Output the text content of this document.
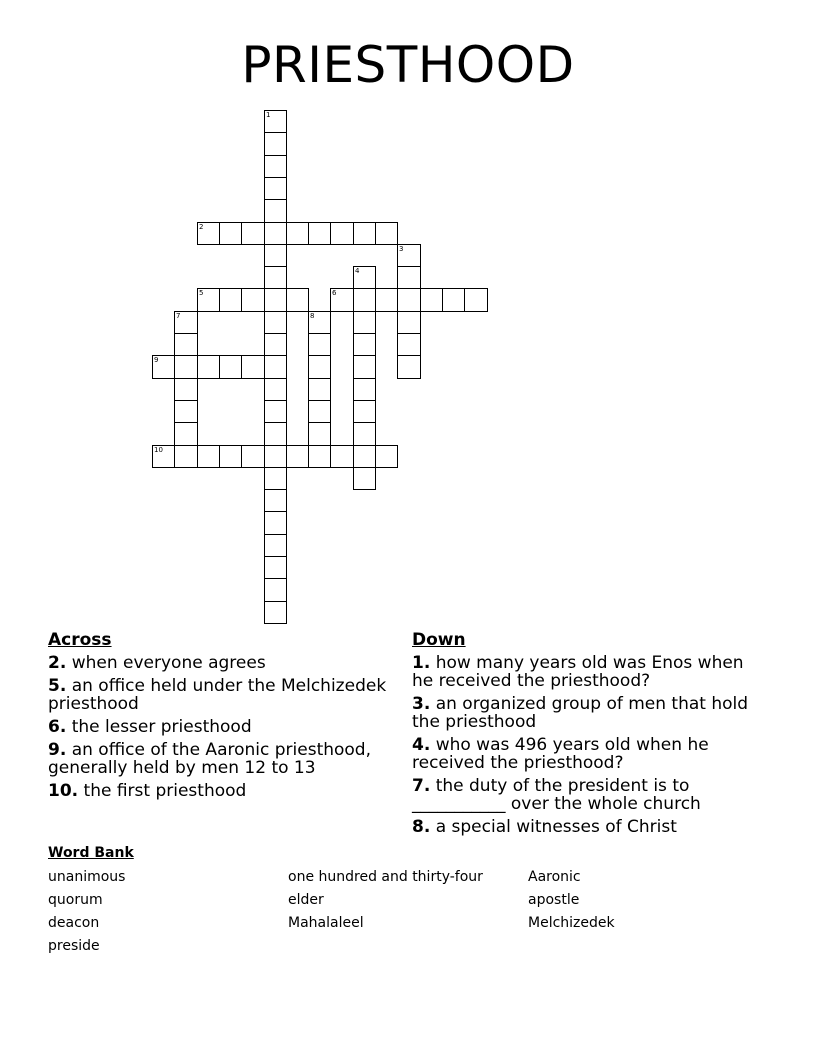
PRIESTHOOD
1
2
3
4
5	6
7	8
9
10
Across
2. when everyone agrees
5. an office held under the Melchizedek priesthood
6. the lesser priesthood
9. an office of the Aaronic priesthood, generally held by men 12 to 13
10. the first priesthood
Down
1. how many years old was Enos when he received the priesthood?
3. an organized group of men that hold the priesthood
4. who was 496 years old when he received the priesthood?
7. the duty of the president is to ___________ over the whole church
8. a special witnesses of Christ
Word Bank
unanimous	one hundred and thirty-four	Aaronic
quorum	elder	apostle
deacon	Mahalaleel	Melchizedek
preside
